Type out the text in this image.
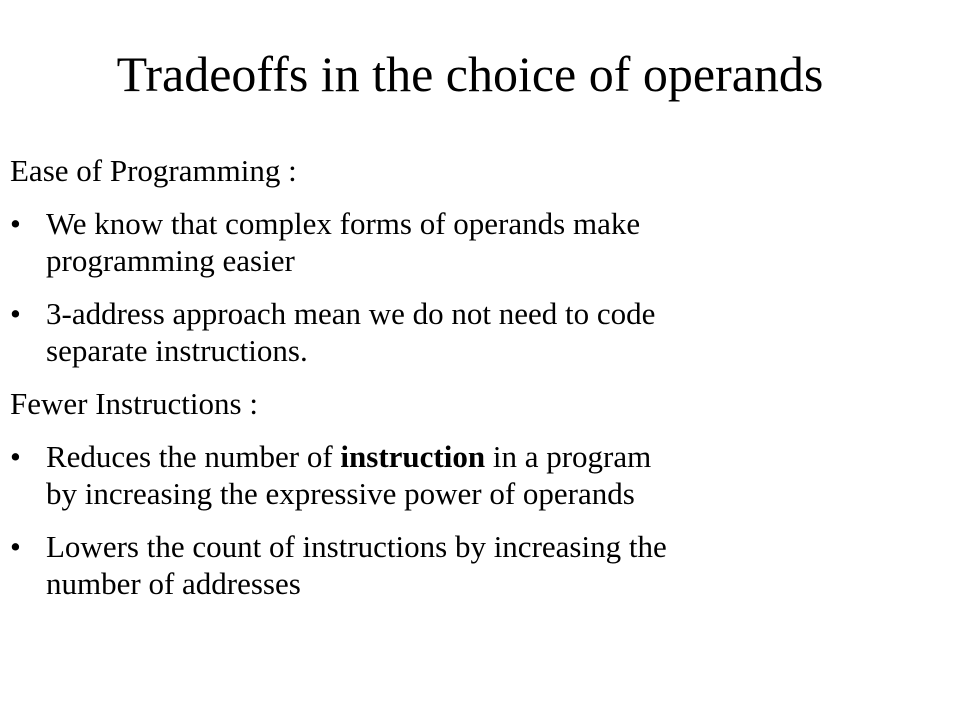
Tradeoffs in the choice of operands
Ease of Programming :
• We know that complex forms of operands make
programming easier
• 3-address approach mean we do not need to code
separate instructions.
Fewer Instructions :
• Reduces the number of instruction in a program
by increasing the expressive power of operands
• Lowers the count of instructions by increasing the
number of addresses
